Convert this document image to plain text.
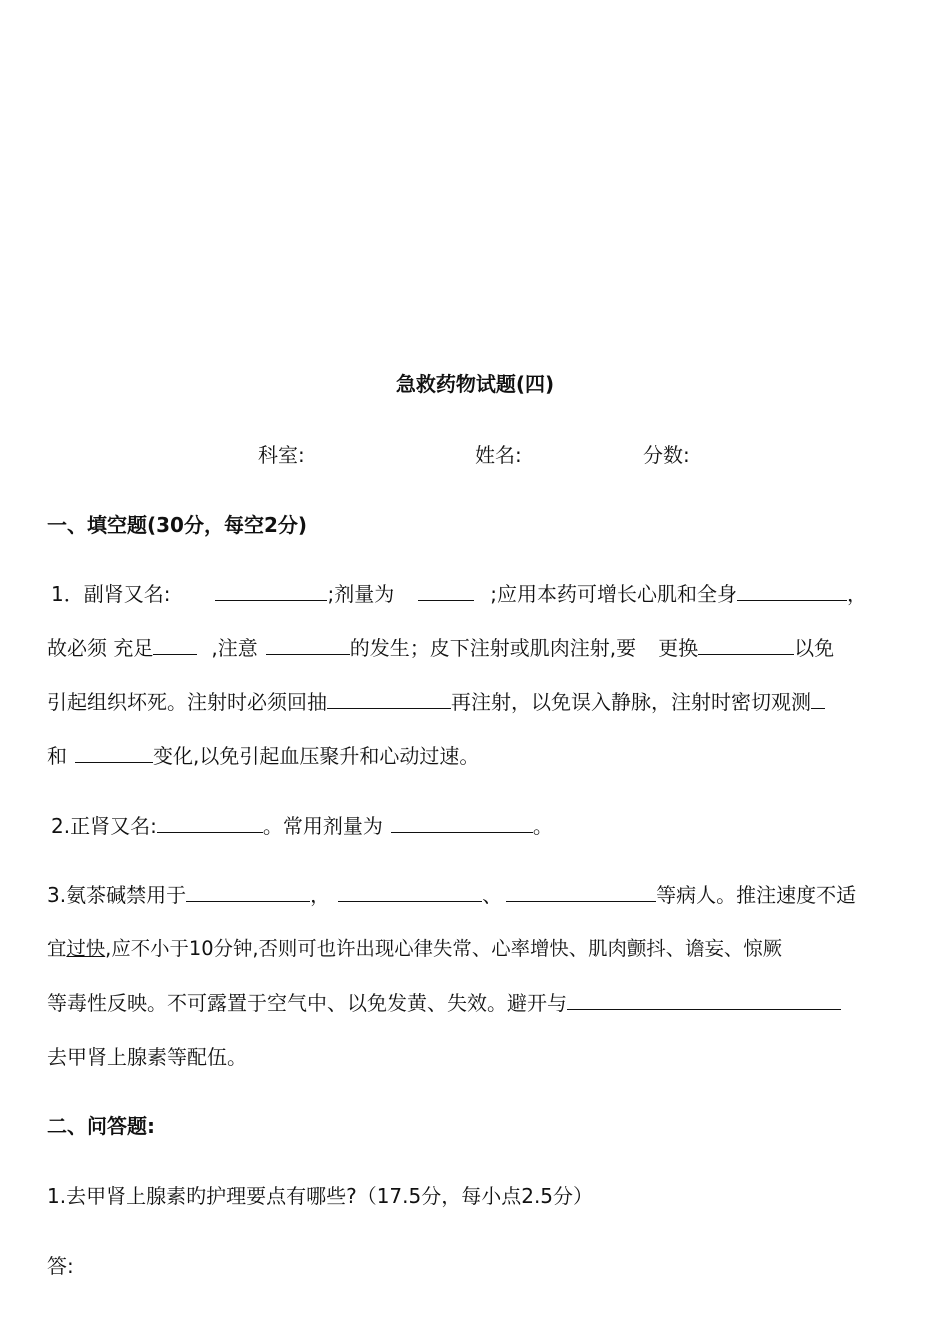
急救药物试题(四)
科室:	姓名:	分数:
一、填空题(30分，每空2分)
1．副肾又名:	;剂量为	;应用本药可增长心肌和全身	，
故必须 充足	,注意	的发生；皮下注射或肌肉注射,要 更换	以免
引起组织坏死。注射时必须回抽	再注射，以免误入静脉，注射时密切观测
和	变化,以免引起血压聚升和心动过速。
2.正肾又名:	。常用剂量为	。
3.氨茶碱禁用于	，	、	等病人。推注速度不适
宜过快,应不小于10分钟,否则可也许出现心律失常、心率增快、肌肉颤抖、谵妄、惊厥
等毒性反映。不可露置于空气中、以免发黄、失效。避开与
去甲肾上腺素等配伍。
二、问答题:
1.去甲肾上腺素旳护理要点有哪些?（17.5分，每小点2.5分）
答:
